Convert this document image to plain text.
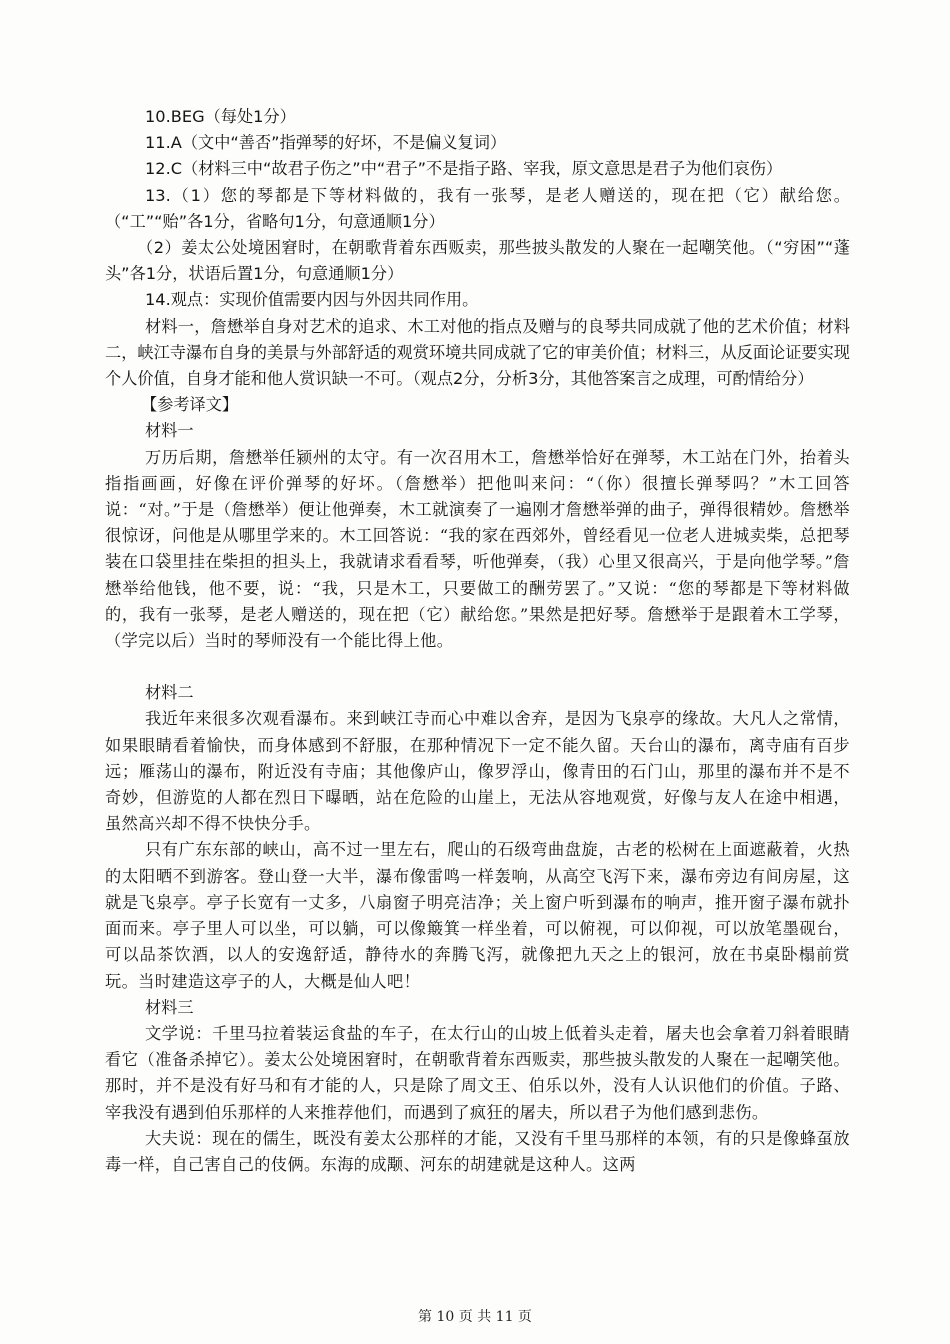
10.BEG（每处1分）

11.A（文中“善否”指弹琴的好坏，不是偏义复词）

12.C（材料三中“故君子伤之”中“君子”不是指子路、宰我，原文意思是君子为他们哀伤）

13.（1）您的琴都是下等材料做的，我有一张琴，是老人赠送的，现在把（它）献给您。（“工”“贻”各1分，省略句1分，句意通顺1分）

（2）姜太公处境困窘时，在朝歌背着东西贩卖，那些披头散发的人聚在一起嘲笑他。（“穷困”“蓬头”各1分，状语后置1分，句意通顺1分）

14.观点：实现价值需要内因与外因共同作用。

材料一，詹懋举自身对艺术的追求、木工对他的指点及赠与的良琴共同成就了他的艺术价值；材料二，峡江寺瀑布自身的美景与外部舒适的观赏环境共同成就了它的审美价值；材料三，从反面论证要实现个人价值，自身才能和他人赏识缺一不可。（观点2分，分析3分，其他答案言之成理，可酌情给分）

【参考译文】

材料一

万历后期，詹懋举任颍州的太守。有一次召用木工，詹懋举恰好在弹琴，木工站在门外，抬着头指指画画，好像在评价弹琴的好坏。（詹懋举）把他叫来问：“（你）很擅长弹琴吗？”木工回答说：“对。”于是（詹懋举）便让他弹奏，木工就演奏了一遍刚才詹懋举弹的曲子，弹得很精妙。詹懋举很惊讶，问他是从哪里学来的。木工回答说：“我的家在西郊外，曾经看见一位老人进城卖柴，总把琴装在口袋里挂在柴担的担头上，我就请求看看琴，听他弹奏，（我）心里又很高兴，于是向他学琴。”詹懋举给他钱，他不要，说：“我，只是木工，只要做工的酬劳罢了。”又说：“您的琴都是下等材料做的，我有一张琴，是老人赠送的，现在把（它）献给您。”果然是把好琴。詹懋举于是跟着木工学琴，（学完以后）当时的琴师没有一个能比得上他。

材料二

我近年来很多次观看瀑布。来到峡江寺而心中难以舍弃，是因为飞泉亭的缘故。大凡人之常情，如果眼睛看着愉快，而身体感到不舒服，在那种情况下一定不能久留。天台山的瀑布，离寺庙有百步远；雁荡山的瀑布，附近没有寺庙；其他像庐山，像罗浮山，像青田的石门山，那里的瀑布并不是不奇妙，但游览的人都在烈日下曝晒，站在危险的山崖上，无法从容地观赏，好像与友人在途中相遇，虽然高兴却不得不快快分手。

只有广东东部的峡山，高不过一里左右，爬山的石级弯曲盘旋，古老的松树在上面遮蔽着，火热的太阳晒不到游客。登山登一大半，瀑布像雷鸣一样轰响，从高空飞泻下来，瀑布旁边有间房屋，这就是飞泉亭。亭子长宽有一丈多，八扇窗子明亮洁净；关上窗户听到瀑布的响声，推开窗子瀑布就扑面而来。亭子里人可以坐，可以躺，可以像簸箕一样坐着，可以俯视，可以仰视，可以放笔墨砚台，可以品茶饮酒，以人的安逸舒适，静待水的奔腾飞泻，就像把九天之上的银河，放在书桌卧榻前赏玩。当时建造这亭子的人，大概是仙人吧！

材料三

文学说：千里马拉着装运食盐的车子，在太行山的山坡上低着头走着，屠夫也会拿着刀斜着眼睛看它（准备杀掉它）。姜太公处境困窘时，在朝歌背着东西贩卖，那些披头散发的人聚在一起嘲笑他。那时，并不是没有好马和有才能的人，只是除了周文王、伯乐以外，没有人认识他们的价值。子路、宰我没有遇到伯乐那样的人来推荐他们，而遇到了疯狂的屠夫，所以君子为他们感到悲伤。

大夫说：现在的儒生，既没有姜太公那样的才能，又没有千里马那样的本领，有的只是像蜂虿放毒一样，自己害自己的伎俩。东海的成颙、河东的胡建就是这种人。这两

第 10 页 共 11 页
